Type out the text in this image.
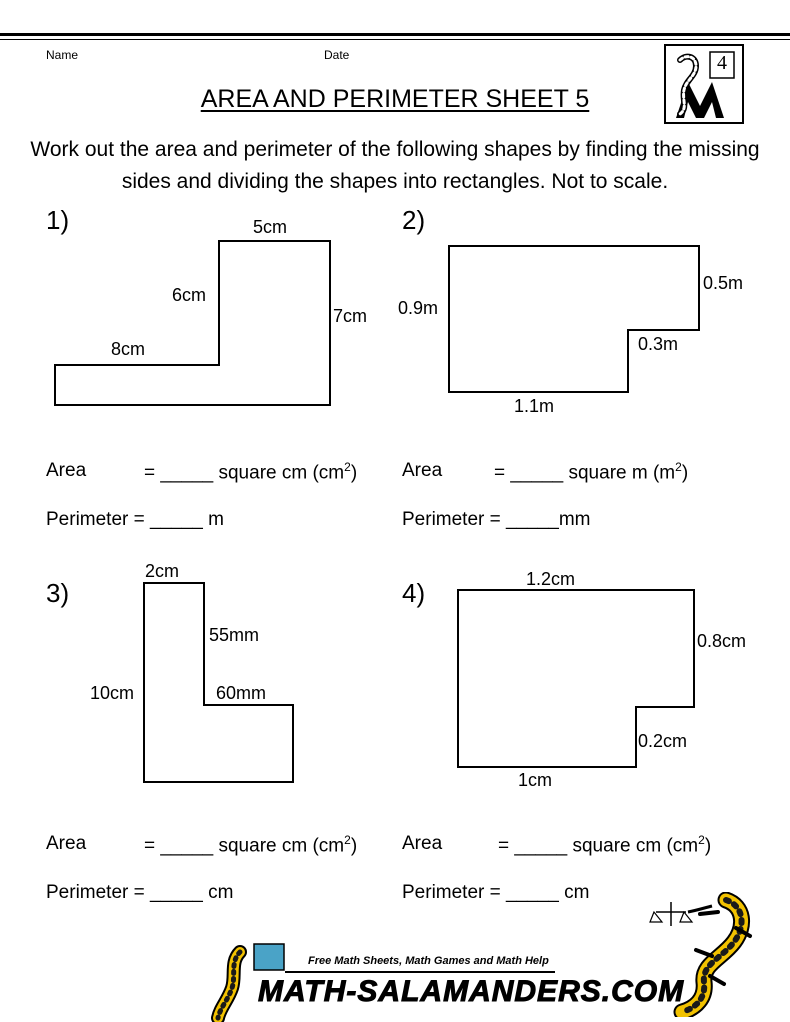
Name	Date	4
AREA AND PERIMETER SHEET 5
Work out the area and perimeter of the following shapes by finding the missing sides and dividing the shapes into rectangles. Not to scale.
1)	5cm
6cm
7cm
8cm
Area	= _____ square cm $(cm^2)$
Perimeter = _____ m
2)
0.5m
0.9m
0.3m
1.1m
Area	= _____ square m $(m^2)$
Perimeter = _____mm
3)
2cm
55mm
10cm	60mm
Area	= _____ square cm $(cm^2)$
Perimeter = _____ cm
4)	1.2cm
0.8cm
0.2cm
1cm
Area	= _____ square cm $(cm^2)$
Perimeter = _____ cm
Free Math Sheets, Math Games and Math Help
MATH-SALAMANDERS.COM
